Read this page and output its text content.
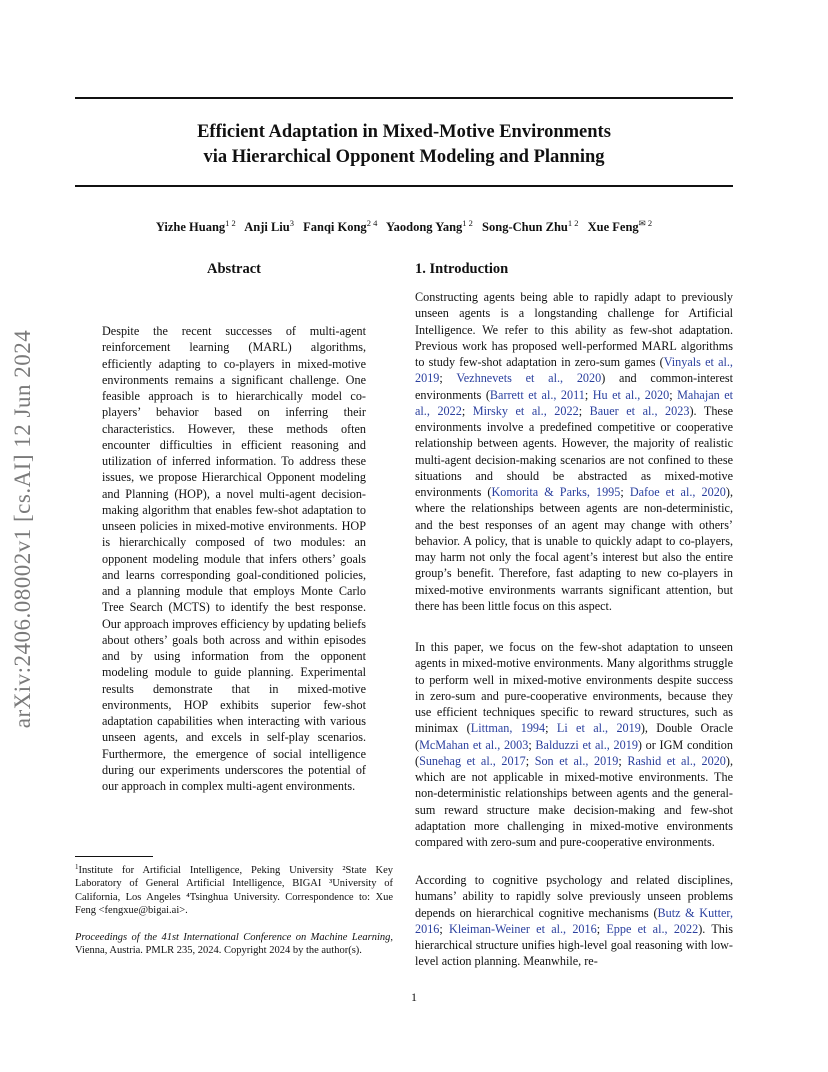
arXiv:2406.08002v1 [cs.AI] 12 Jun 2024
Efficient Adaptation in Mixed-Motive Environments
via Hierarchical Opponent Modeling and Planning
Yizhe Huang$^{1 2}$ Anji Liu$^3$ Fanqi Kong$^{2 4}$ Yaodong Yang$^{1 2}$ Song-Chun Zhu$^{1 2}$ Xue Feng$^{✉ 2}$
Abstract
Despite the recent successes of multi-agent reinforcement learning (MARL) algorithms, efficiently adapting to co-players in mixed-motive environments remains a significant challenge. One feasible approach is to hierarchically model co-players’ behavior based on inferring their characteristics. However, these methods often encounter difficulties in efficient reasoning and utilization of inferred information. To address these issues, we propose Hierarchical Opponent modeling and Planning (HOP), a novel multi-agent decision-making algorithm that enables few-shot adaptation to unseen policies in mixed-motive environments. HOP is hierarchically composed of two modules: an opponent modeling module that infers others’ goals and learns corresponding goal-conditioned policies, and a planning module that employs Monte Carlo Tree Search (MCTS) to identify the best response. Our approach improves efficiency by updating beliefs about others’ goals both across and within episodes and by using information from the opponent modeling module to guide planning. Experimental results demonstrate that in mixed-motive environments, HOP exhibits superior few-shot adaptation capabilities when interacting with various unseen agents, and excels in self-play scenarios. Furthermore, the emergence of social intelligence during our experiments underscores the potential of our approach in complex multi-agent environments.
1. Introduction
Constructing agents being able to rapidly adapt to previously unseen agents is a longstanding challenge for Artificial Intelligence. We refer to this ability as few-shot adaptation. Previous work has proposed well-performed MARL algorithms to study few-shot adaptation in zero-sum games (Vinyals et al., 2019; Vezhnevets et al., 2020) and common-interest environments (Barrett et al., 2011; Hu et al., 2020; Mahajan et al., 2022; Mirsky et al., 2022; Bauer et al., 2023). These environments involve a predefined competitive or cooperative relationship between agents. However, the majority of realistic multi-agent decision-making scenarios are not confined to these situations and should be abstracted as mixed-motive environments (Komorita & Parks, 1995; Dafoe et al., 2020), where the relationships between agents are non-deterministic, and the best responses of an agent may change with others’ behavior. A policy, that is unable to quickly adapt to co-players, may harm not only the focal agent’s interest but also the entire group’s benefit. Therefore, fast adapting to new co-players in mixed-motive environments warrants significant attention, but there has been little focus on this aspect.
In this paper, we focus on the few-shot adaptation to unseen agents in mixed-motive environments. Many algorithms struggle to perform well in mixed-motive environments despite success in zero-sum and pure-cooperative environments, because they use efficient techniques specific to reward structures, such as minimax (Littman, 1994; Li et al., 2019), Double Oracle (McMahan et al., 2003; Balduzzi et al., 2019) or IGM condition (Sunehag et al., 2017; Son et al., 2019; Rashid et al., 2020), which are not applicable in mixed-motive environments. The non-deterministic relationships between agents and the general-sum reward structure make decision-making and few-shot adaptation more challenging in mixed-motive environments compared with zero-sum and pure-cooperative environments.
According to cognitive psychology and related disciplines, humans’ ability to rapidly solve previously unseen problems depends on hierarchical cognitive mechanisms (Butz & Kutter, 2016; Kleiman-Weiner et al., 2016; Eppe et al., 2022). This hierarchical structure unifies high-level goal reasoning with low-level action planning. Meanwhile, re-
$^1$Institute for Artificial Intelligence, Peking University ²State Key Laboratory of General Artificial Intelligence, BIGAI ³University of California, Los Angeles ⁴Tsinghua University. Correspondence to: Xue Feng <fengxue@bigai.ai>.
Proceedings of the 41st International Conference on Machine Learning, Vienna, Austria. PMLR 235, 2024. Copyright 2024 by the author(s).
1
